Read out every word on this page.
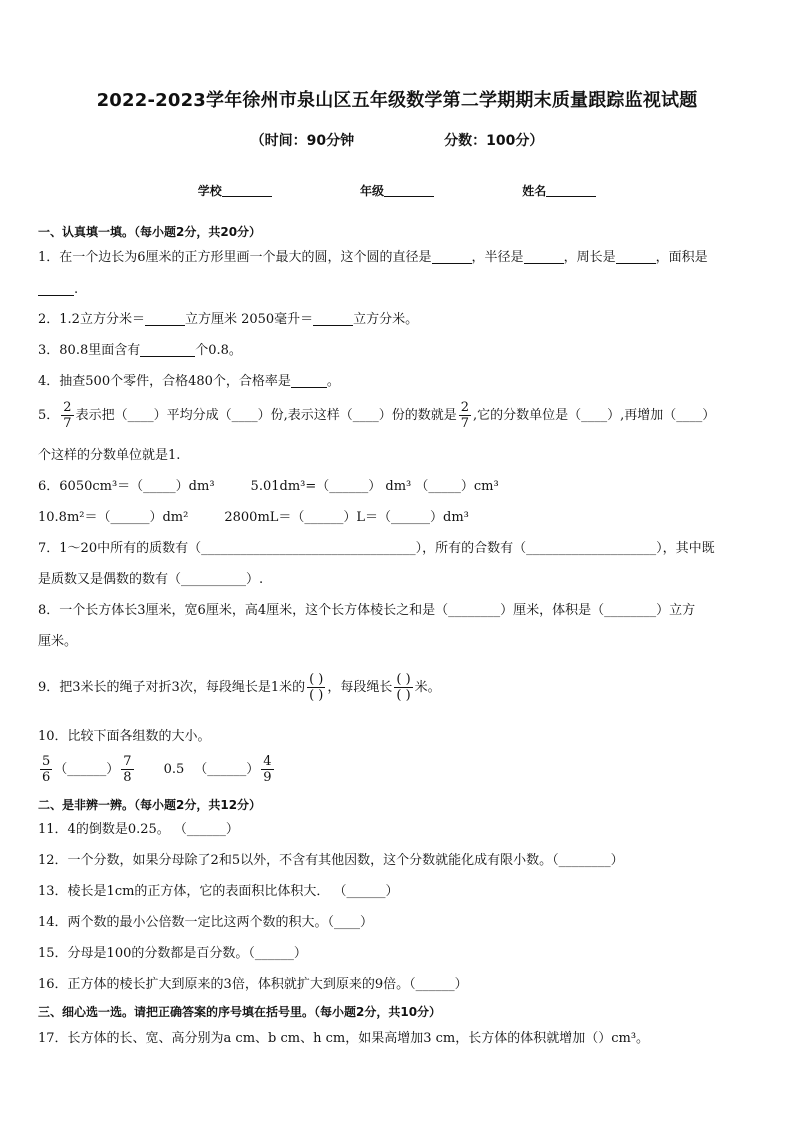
2022-2023学年徐州市泉山区五年级数学第二学期期末质量跟踪监视试题
（时间：90分钟	分数：100分）
学校	年级	姓名
一、认真填一填。（每小题2分，共20分）
1．在一个边长为6厘米的正方形里画一个最大的圆，这个圆的直径是	，半径是	，周长是	，面积是
.
2．1.2立方分米＝	立方厘米 2050毫升＝	立方分米。
3．80.8里面含有	个0.8。
4．抽查500个零件，合格480个，合格率是	。
5． $\frac{2}{7}$ 表示把（____）平均分成（____）份,表示这样（____）份的数就是 $\frac{2}{7}$ ,它的分数单位是（____）,再增加（____）
个这样的分数单位就是1.
6．6050cm³＝（_____）dm³	5.01dm³=（______） dm³ （_____）cm³
10.8m²＝（______）dm²	2800mL＝（______）L＝（______）dm³
7．1～20中所有的质数有（_________________________________），所有的合数有（____________________），其中既
是质数又是偶数的数有（__________）.
8．一个长方体长3厘米，宽6厘米，高4厘米，这个长方体棱长之和是（________）厘米，体积是（________）立方
厘米。
9．把3米长的绳子对折3次，每段绳长是1米的 $\frac{( )}{( )}$ ，每段绳长 $\frac{( )}{( )}$ 米。
10．比较下面各组数的大小。
$\frac{5}{6}$ （______） $\frac{7}{8} 0.5$ （______） $\frac{4}{9}$
二、是非辨一辨。（每小题2分，共12分）
11．4的倒数是0.25。 （______）
12．一个分数，如果分母除了2和5以外，不含有其他因数，这个分数就能化成有限小数。（________）
13．棱长是1cm的正方体，它的表面积比体积大． （______）
14．两个数的最小公倍数一定比这两个数的积大。（____）
15．分母是100的分数都是百分数。（______）
16．正方体的棱长扩大到原来的3倍，体积就扩大到原来的9倍。（______）
三、细心选一选。请把正确答案的序号填在括号里。（每小题2分，共10分）
17．长方体的长、宽、高分别为a cm、b cm、h cm，如果高增加3 cm，长方体的体积就增加（）cm³。
